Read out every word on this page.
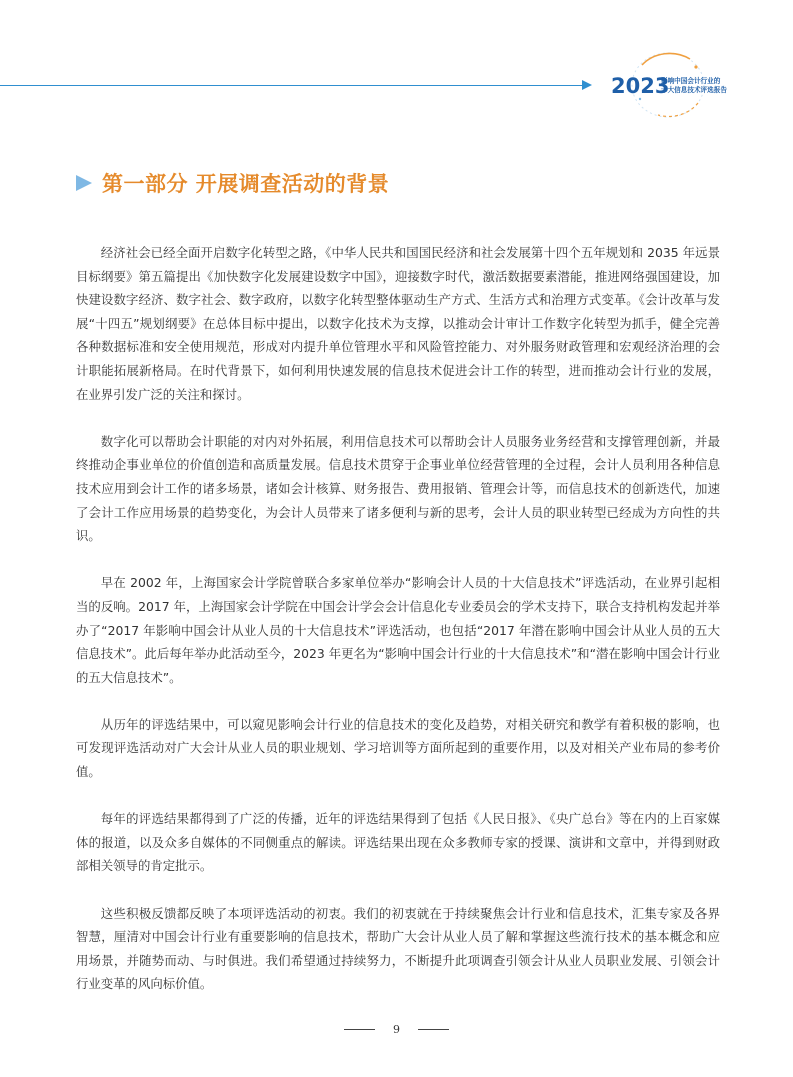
2023
影响中国会计行业的
十大信息技术评选报告
第一部分 开展调查活动的背景

经济社会已经全面开启数字化转型之路，《中华人民共和国国民经济和社会发展第十四个五年规划和 2035 年远景目标纲要》第五篇提出《加快数字化发展建设数字中国》，迎接数字时代，激活数据要素潜能，推进网络强国建设，加快建设数字经济、数字社会、数字政府，以数字化转型整体驱动生产方式、生活方式和治理方式变革。《会计改革与发展“十四五”规划纲要》在总体目标中提出，以数字化技术为支撑，以推动会计审计工作数字化转型为抓手，健全完善各种数据标准和安全使用规范，形成对内提升单位管理水平和风险管控能力、对外服务财政管理和宏观经济治理的会计职能拓展新格局。在时代背景下，如何利用快速发展的信息技术促进会计工作的转型，进而推动会计行业的发展，在业界引发广泛的关注和探讨。

数字化可以帮助会计职能的对内对外拓展，利用信息技术可以帮助会计人员服务业务经营和支撑管理创新，并最终推动企事业单位的价值创造和高质量发展。信息技术贯穿于企事业单位经营管理的全过程，会计人员利用各种信息技术应用到会计工作的诸多场景，诸如会计核算、财务报告、费用报销、管理会计等，而信息技术的创新迭代，加速了会计工作应用场景的趋势变化，为会计人员带来了诸多便利与新的思考，会计人员的职业转型已经成为方向性的共识。

早在 2002 年，上海国家会计学院曾联合多家单位举办“影响会计人员的十大信息技术”评选活动，在业界引起相当的反响。2017 年，上海国家会计学院在中国会计学会会计信息化专业委员会的学术支持下，联合支持机构发起并举办了“2017 年影响中国会计从业人员的十大信息技术”评选活动，也包括“2017 年潜在影响中国会计从业人员的五大信息技术”。此后每年举办此活动至今，2023 年更名为“影响中国会计行业的十大信息技术”和“潜在影响中国会计行业的五大信息技术”。

从历年的评选结果中，可以窥见影响会计行业的信息技术的变化及趋势，对相关研究和教学有着积极的影响，也可发现评选活动对广大会计从业人员的职业规划、学习培训等方面所起到的重要作用，以及对相关产业布局的参考价值。

每年的评选结果都得到了广泛的传播，近年的评选结果得到了包括《人民日报》、《央广总台》等在内的上百家媒体的报道，以及众多自媒体的不同侧重点的解读。评选结果出现在众多教师专家的授课、演讲和文章中，并得到财政部相关领导的肯定批示。

这些积极反馈都反映了本项评选活动的初衷。我们的初衷就在于持续聚焦会计行业和信息技术，汇集专家及各界智慧，厘清对中国会计行业有重要影响的信息技术，帮助广大会计从业人员了解和掌握这些流行技术的基本概念和应用场景，并随势而动、与时俱进。我们希望通过持续努力，不断提升此项调查引领会计从业人员职业发展、引领会计行业变革的风向标价值。

9
